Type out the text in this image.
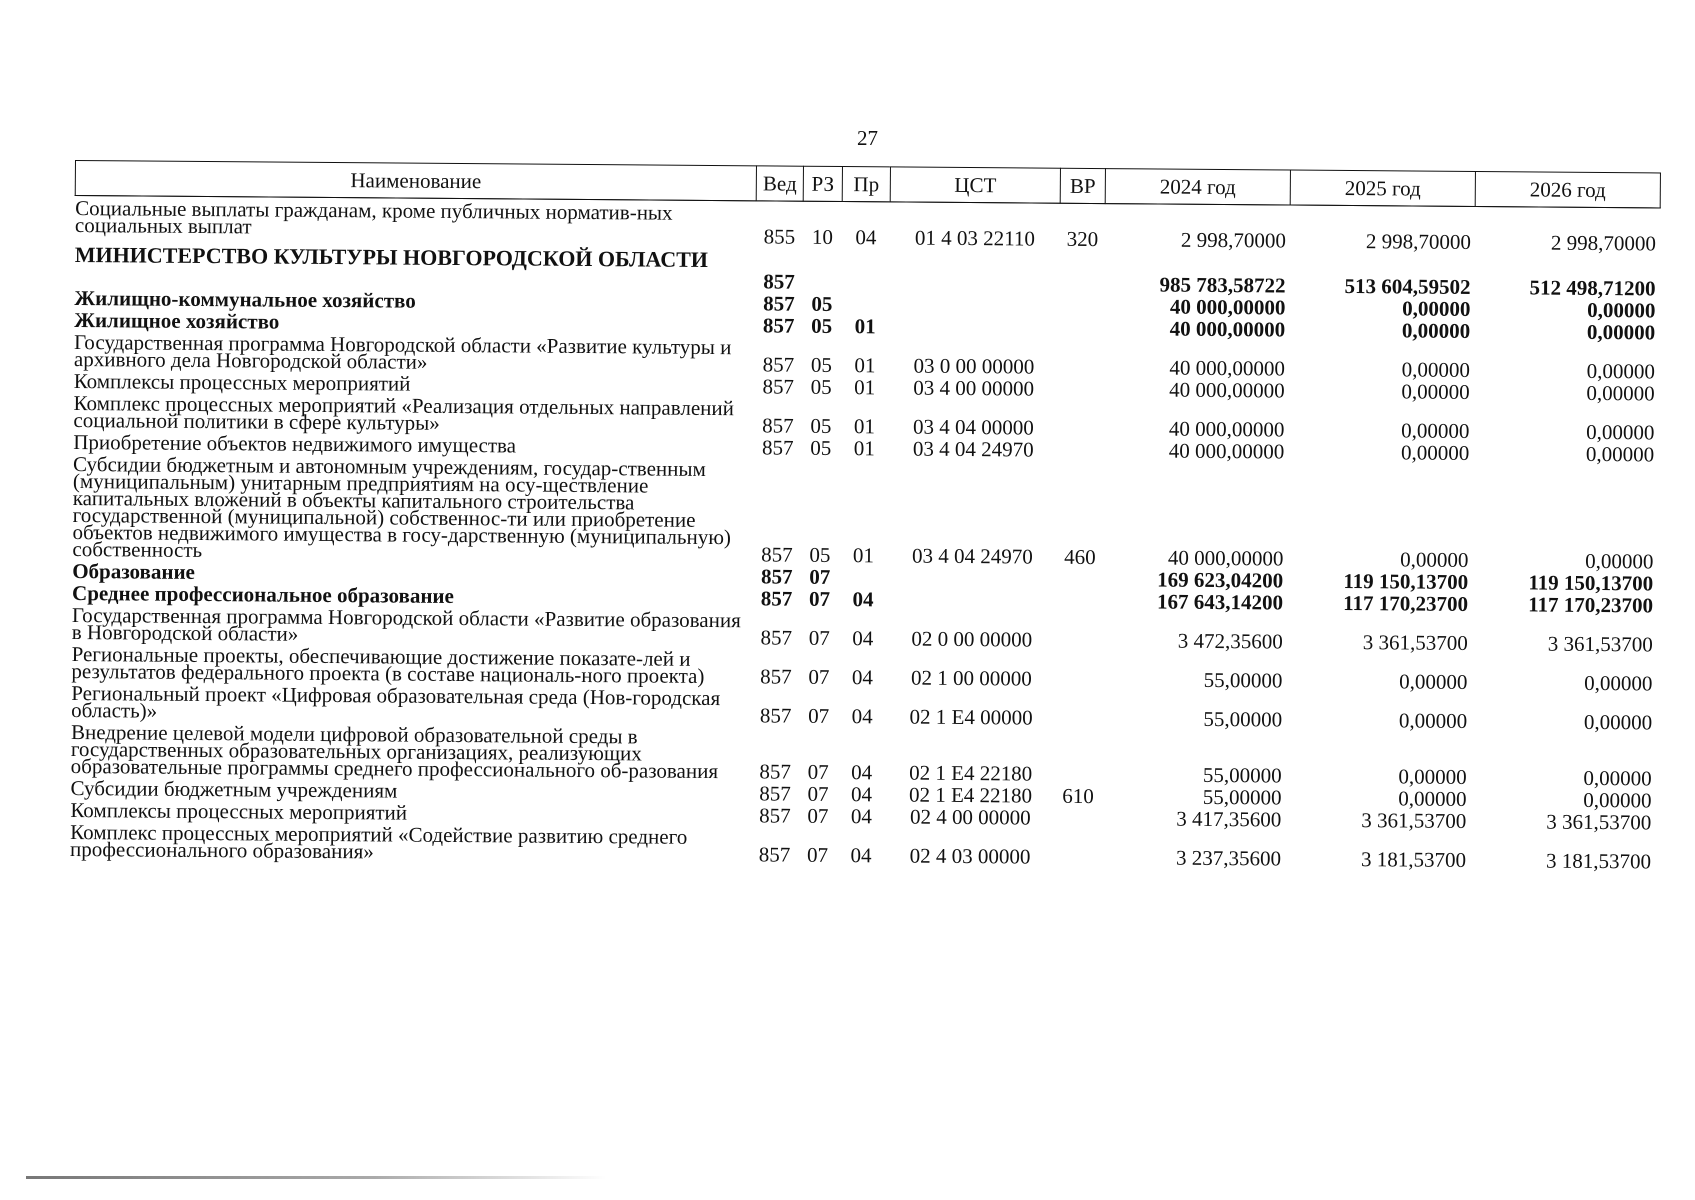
27
Наименование	Вед	РЗ	Пр	ЦСТ	ВР	2024 год	2025 год	2026 год
Социальные выплаты гражданам, кроме публичных норматив-ных социальных выплат	855	10	04	01 4 03 22110	320	2 998,70000	2 998,70000	2 998,70000
МИНИСТЕРСТВО КУЛЬТУРЫ НОВГОРОДСКОЙ ОБЛАСТИ	857					985 783,58722	513 604,59502	512 498,71200
Жилищно-коммунальное хозяйство	857	05				40 000,00000	0,00000	0,00000
Жилищное хозяйство	857	05	01			40 000,00000	0,00000	0,00000
Государственная программа Новгородской области «Развитие культуры и архивного дела Новгородской области»	857	05	01	03 0 00 00000		40 000,00000	0,00000	0,00000
Комплексы процессных мероприятий	857	05	01	03 4 00 00000		40 000,00000	0,00000	0,00000
Комплекс процессных мероприятий «Реализация отдельных направлений социальной политики в сфере культуры»	857	05	01	03 4 04 00000		40 000,00000	0,00000	0,00000
Приобретение объектов недвижимого имущества	857	05	01	03 4 04 24970		40 000,00000	0,00000	0,00000
Субсидии бюджетным и автономным учреждениям, государ-ственным (муниципальным) унитарным предприятиям на осу-ществление капитальных вложений в объекты капитального строительства государственной (муниципальной) собственнос-ти или приобретение объектов недвижимого имущества в госу-дарственную (муниципальную) собственность	857	05	01	03 4 04 24970	460	40 000,00000	0,00000	0,00000
Образование	857	07				169 623,04200	119 150,13700	119 150,13700
Среднее профессиональное образование	857	07	04			167 643,14200	117 170,23700	117 170,23700
Государственная программа Новгородской области «Развитие образования в Новгородской области»	857	07	04	02 0 00 00000		3 472,35600	3 361,53700	3 361,53700
Региональные проекты, обеспечивающие достижение показате-лей и результатов федерального проекта (в составе националь-ного проекта)	857	07	04	02 1 00 00000		55,00000	0,00000	0,00000
Региональный проект «Цифровая образовательная среда (Нов-городская область)»	857	07	04	02 1 E4 00000		55,00000	0,00000	0,00000
Внедрение целевой модели цифровой образовательной среды в государственных образовательных организациях, реализующих образовательные программы среднего профессионального об-разования	857	07	04	02 1 E4 22180		55,00000	0,00000	0,00000
Субсидии бюджетным учреждениям	857	07	04	02 1 E4 22180	610	55,00000	0,00000	0,00000
Комплексы процессных мероприятий	857	07	04	02 4 00 00000		3 417,35600	3 361,53700	3 361,53700
Комплекс процессных мероприятий «Содействие развитию среднего профессионального образования»	857	07	04	02 4 03 00000		3 237,35600	3 181,53700	3 181,53700
